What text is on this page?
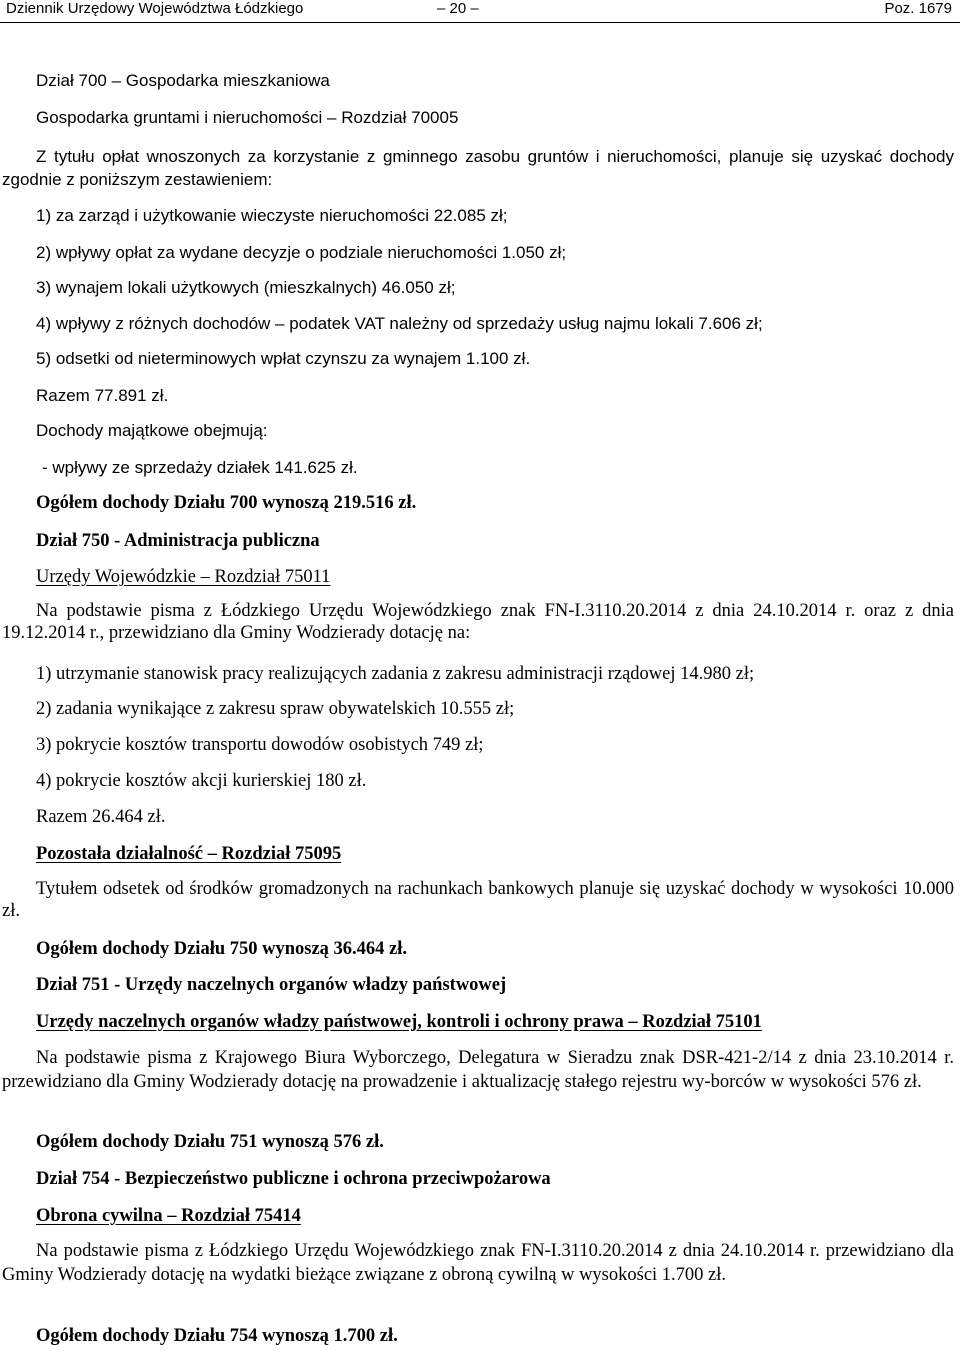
Dziennik Urzędowy Województwa Łódzkiego	– 20 –	Poz. 1679
Dział 700 – Gospodarka mieszkaniowa
Gospodarka gruntami i nieruchomości – Rozdział 70005
Z tytułu opłat wnoszonych za korzystanie z gminnego zasobu gruntów i nieruchomości, planuje się uzyskać dochody zgodnie z poniższym zestawieniem:
1) za zarząd i użytkowanie wieczyste nieruchomości 22.085 zł;
2) wpływy opłat za wydane decyzje o podziale nieruchomości 1.050 zł;
3) wynajem lokali użytkowych (mieszkalnych) 46.050 zł;
4) wpływy z różnych dochodów – podatek VAT należny od sprzedaży usług najmu lokali 7.606 zł;
5) odsetki od nieterminowych wpłat czynszu za wynajem 1.100 zł.
Razem 77.891 zł.
Dochody majątkowe obejmują:
- wpływy ze sprzedaży działek 141.625 zł.
Ogółem dochody Działu 700 wynoszą 219.516 zł.
Dział 750 - Administracja publiczna
Urzędy Wojewódzkie – Rozdział 75011
Na podstawie pisma z Łódzkiego Urzędu Wojewódzkiego znak FN-I.3110.20.2014 z dnia 24.10.2014 r. oraz z dnia 19.12.2014 r., przewidziano dla Gminy Wodzierady dotację na:
1) utrzymanie stanowisk pracy realizujących zadania z zakresu administracji rządowej 14.980 zł;
2) zadania wynikające z zakresu spraw obywatelskich 10.555 zł;
3) pokrycie kosztów transportu dowodów osobistych 749 zł;
4) pokrycie kosztów akcji kurierskiej 180 zł.
Razem 26.464 zł.
Pozostała działalność – Rozdział 75095
Tytułem odsetek od środków gromadzonych na rachunkach bankowych planuje się uzyskać dochody w wysokości 10.000 zł.
Ogółem dochody Działu 750 wynoszą 36.464 zł.
Dział 751 - Urzędy naczelnych organów władzy państwowej
Urzędy naczelnych organów władzy państwowej, kontroli i ochrony prawa – Rozdział 75101
Na podstawie pisma z Krajowego Biura Wyborczego, Delegatura w Sieradzu znak DSR-421-2/14 z dnia 23.10.2014 r. przewidziano dla Gminy Wodzierady dotację na prowadzenie i aktualizację stałego rejestru wy-borców w wysokości 576 zł.
Ogółem dochody Działu 751 wynoszą 576 zł.
Dział 754 - Bezpieczeństwo publiczne i ochrona przeciwpożarowa
Obrona cywilna – Rozdział 75414
Na podstawie pisma z Łódzkiego Urzędu Wojewódzkiego znak FN-I.3110.20.2014 z dnia 24.10.2014 r. przewidziano dla Gminy Wodzierady dotację na wydatki bieżące związane z obroną cywilną w wysokości 1.700 zł.
Ogółem dochody Działu 754 wynoszą 1.700 zł.
